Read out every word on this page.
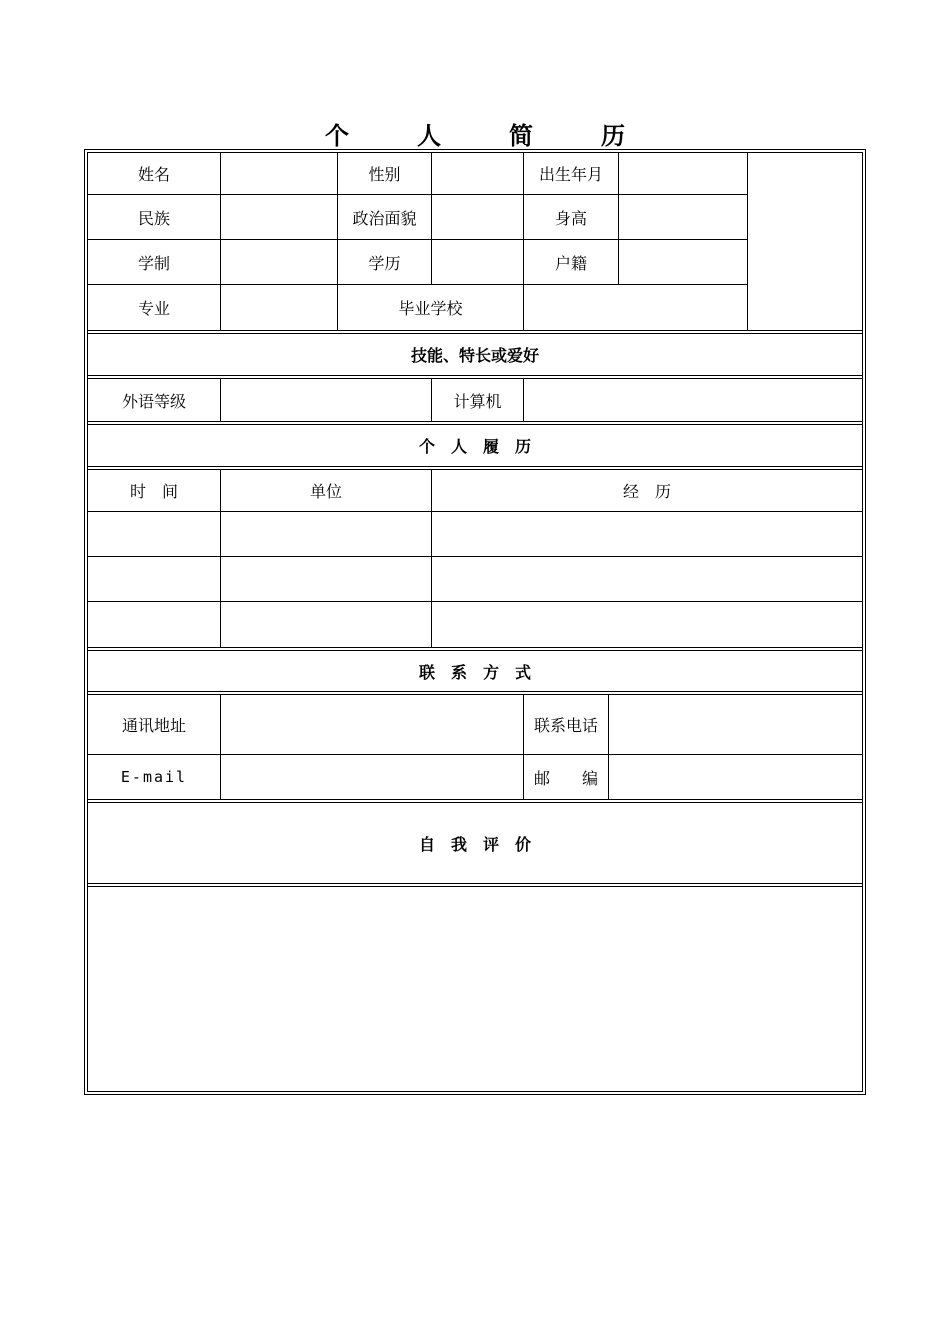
个　人　简　历
姓名	性别	出生年月
民族	政治面貌	身高
学制	学历	户籍
专业	毕业学校
技能、特长或爱好
外语等级	计算机
个　人　履　历
时　间	单位	经　历
联　系　方　式
通讯地址	联系电话
E-mail	邮　　编
自　我　评　价
